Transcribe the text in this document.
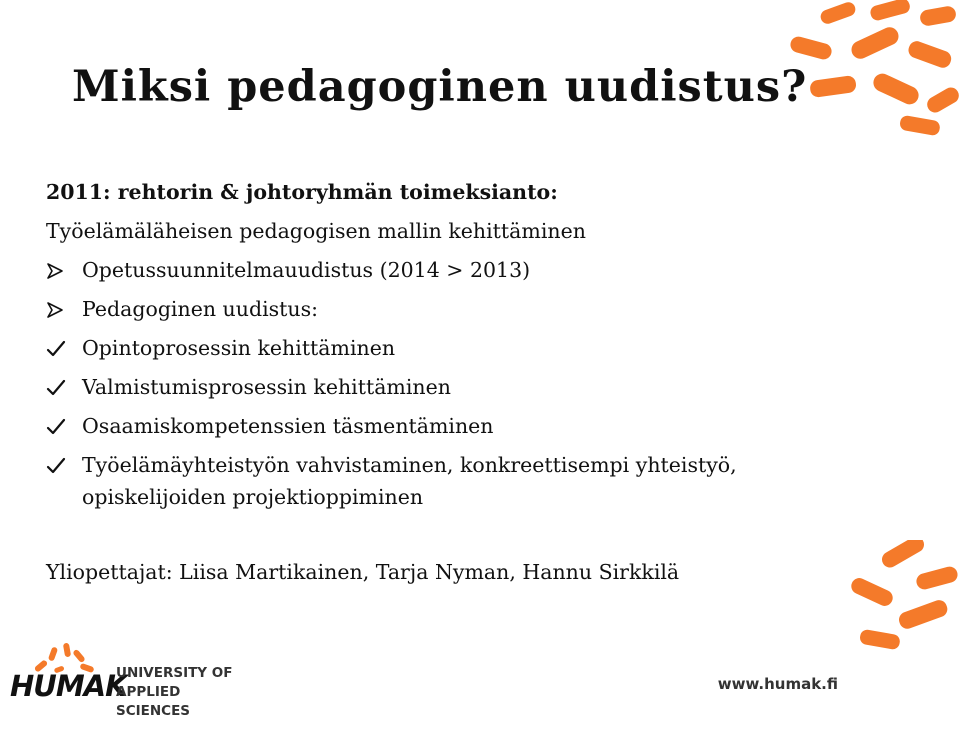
Miksi pedagoginen uudistus?
2011: rehtorin & johtoryhmän toimeksianto:
Työelämäläheisen pedagogisen mallin kehittäminen
Opetussuunnitelmauudistus (2014 > 2013)
Pedagoginen uudistus:
Opintoprosessin kehittäminen
Valmistumisprosessin kehittäminen
Osaamiskompetenssien täsmentäminen
Työelämäyhteistyön vahvistaminen, konkreettisempi yhteistyö, opiskelijoiden projektioppiminen
Yliopettajat: Liisa Martikainen, Tarja Nyman, Hannu Sirkkilä
HUMAK
UNIVERSITY OF
APPLIED SCIENCES
www.humak.fi
